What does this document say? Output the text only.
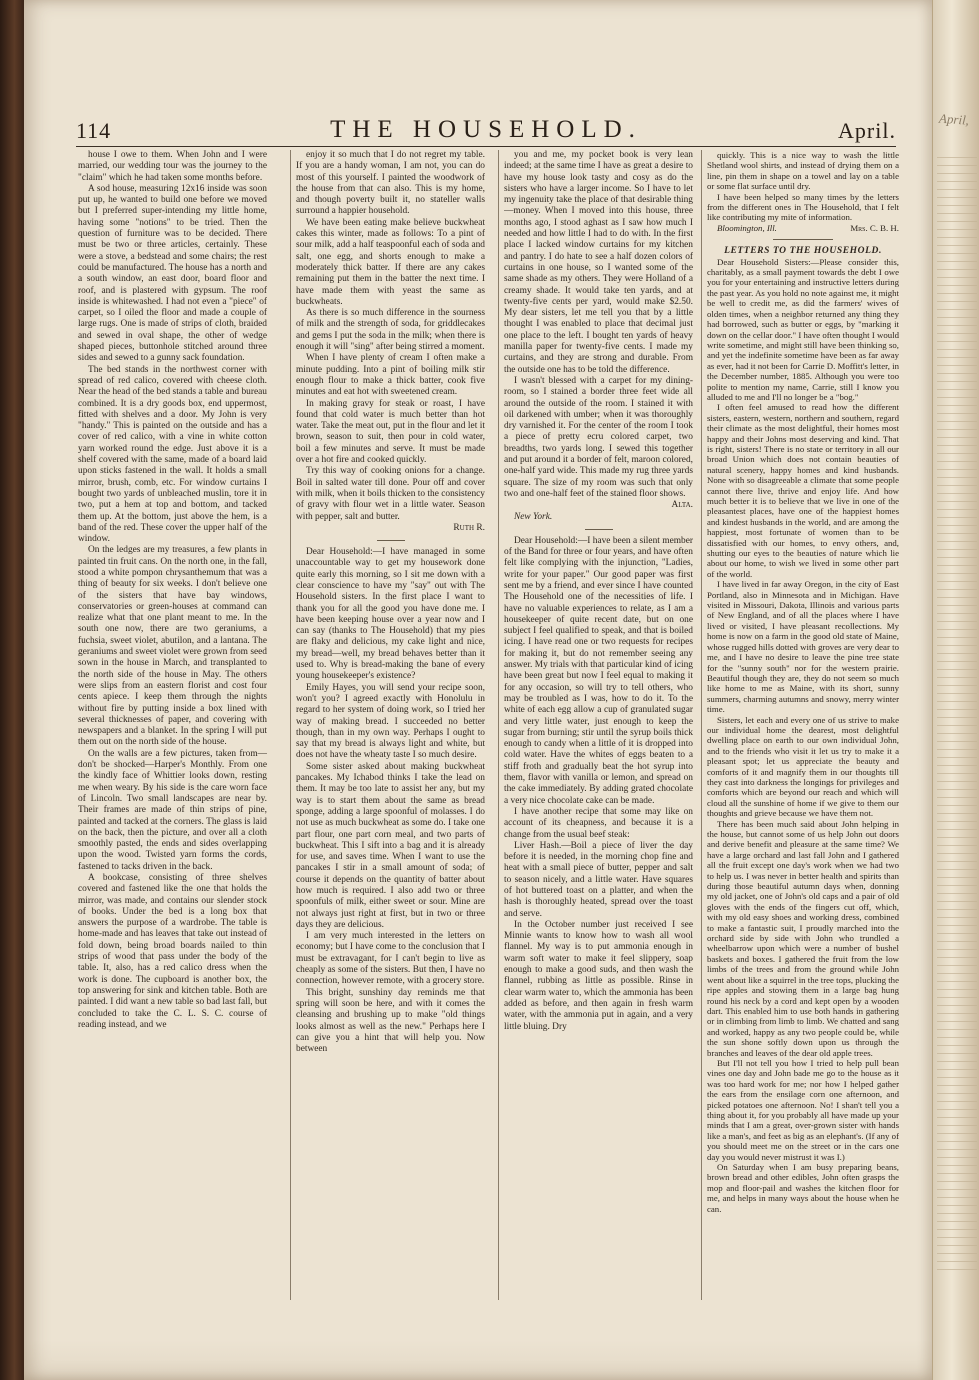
April,
114	THE HOUSEHOLD.	April.

house I owe to them. When John and I were married, our wedding tour was the journey to the "claim" which he had taken some months before.

A sod house, measuring 12x16 inside was soon put up, he wanted to build one before we moved but I preferred super-intending my little home, having some "notions" to be tried. Then the question of furniture was to be decided. There must be two or three articles, certainly. These were a stove, a bedstead and some chairs; the rest could be manufactured. The house has a north and a south window, an east door, board floor and roof, and is plastered with gypsum. The roof inside is whitewashed. I had not even a "piece" of carpet, so I oiled the floor and made a couple of large rugs. One is made of strips of cloth, braided and sewed in oval shape, the other of wedge shaped pieces, buttonhole stitched around three sides and sewed to a gunny sack foundation.

The bed stands in the northwest corner with spread of red calico, covered with cheese cloth. Near the head of the bed stands a table and bureau combined. It is a dry goods box, end uppermost, fitted with shelves and a door. My John is very "handy." This is painted on the outside and has a cover of red calico, with a vine in white cotton yarn worked round the edge. Just above it is a shelf covered with the same, made of a board laid upon sticks fastened in the wall. It holds a small mirror, brush, comb, etc. For window curtains I bought two yards of unbleached muslin, tore it in two, put a hem at top and bottom, and tacked them up. At the bottom, just above the hem, is a band of the red. These cover the upper half of the window.

On the ledges are my treasures, a few plants in painted tin fruit cans. On the north one, in the fall, stood a white pompon chrysanthemum that was a thing of beauty for six weeks. I don't believe one of the sisters that have bay windows, conservatories or green-houses at command can realize what that one plant meant to me. In the south one now, there are two geraniums, a fuchsia, sweet violet, abutilon, and a lantana. The geraniums and sweet violet were grown from seed sown in the house in March, and transplanted to the north side of the house in May. The others were slips from an eastern florist and cost four cents apiece. I keep them through the nights without fire by putting inside a box lined with several thicknesses of paper, and covering with newspapers and a blanket. In the spring I will put them out on the north side of the house.

On the walls are a few pictures, taken from—don't be shocked—Harper's Monthly. From one the kindly face of Whittier looks down, resting me when weary. By his side is the care worn face of Lincoln. Two small landscapes are near by. Their frames are made of thin strips of pine, painted and tacked at the corners. The glass is laid on the back, then the picture, and over all a cloth smoothly pasted, the ends and sides overlapping upon the wood. Twisted yarn forms the cords, fastened to tacks driven in the back.

A bookcase, consisting of three shelves covered and fastened like the one that holds the mirror, was made, and contains our slender stock of books. Under the bed is a long box that answers the purpose of a wardrobe. The table is home-made and has leaves that take out instead of fold down, being broad boards nailed to thin strips of wood that pass under the body of the table. It, also, has a red calico dress when the work is done. The cupboard is another box, the top answering for sink and kitchen table. Both are painted. I did want a new table so bad last fall, but concluded to take the C. L. S. C. course of reading instead, and we

enjoy it so much that I do not regret my table. If you are a handy woman, I am not, you can do most of this yourself. I painted the woodwork of the house from that can also. This is my home, and though poverty built it, no stateller walls surround a happier household.

We have been eating make believe buckwheat cakes this winter, made as follows: To a pint of sour milk, add a half teaspoonful each of soda and salt, one egg, and shorts enough to make a moderately thick batter. If there are any cakes remaining put them in the batter the next time. I have made them with yeast the same as buckwheats.

As there is so much difference in the sourness of milk and the strength of soda, for griddlecakes and gems I put the soda in the milk; when there is enough it will "sing" after being stirred a moment.

When I have plenty of cream I often make a minute pudding. Into a pint of boiling milk stir enough flour to make a thick batter, cook five minutes and eat hot with sweetened cream.

In making gravy for steak or roast, I have found that cold water is much better than hot water. Take the meat out, put in the flour and let it brown, season to suit, then pour in cold water, boil a few minutes and serve. It must be made over a hot fire and cooked quickly.

Try this way of cooking onions for a change. Boil in salted water till done. Pour off and cover with milk, when it boils thicken to the consistency of gravy with flour wet in a little water. Season with pepper, salt and butter.

Ruth R.

Dear Household:—I have managed in some unaccountable way to get my housework done quite early this morning, so I sit me down with a clear conscience to have my "say" out with The Household sisters. In the first place I want to thank you for all the good you have done me. I have been keeping house over a year now and I can say (thanks to The Household) that my pies are flaky and delicious, my cake light and nice, my bread—well, my bread behaves better than it used to. Why is bread-making the bane of every young housekeeper's existence?

Emily Hayes, you will send your recipe soon, won't you? I agreed exactly with Honolulu in regard to her system of doing work, so I tried her way of making bread. I succeeded no better though, than in my own way. Perhaps I ought to say that my bread is always light and white, but does not have the wheaty taste I so much desire.

Some sister asked about making buckwheat pancakes. My Ichabod thinks I take the lead on them. It may be too late to assist her any, but my way is to start them about the same as bread sponge, adding a large spoonful of molasses. I do not use as much buckwheat as some do. I take one part flour, one part corn meal, and two parts of buckwheat. This I sift into a bag and it is already for use, and saves time. When I want to use the pancakes I stir in a small amount of soda; of course it depends on the quantity of batter about how much is required. I also add two or three spoonfuls of milk, either sweet or sour. Mine are not always just right at first, but in two or three days they are delicious.

I am very much interested in the letters on economy; but I have come to the conclusion that I must be extravagant, for I can't begin to live as cheaply as some of the sisters. But then, I have no connection, however remote, with a grocery store.

This bright, sunshiny day reminds me that spring will soon be here, and with it comes the cleansing and brushing up to make "old things looks almost as well as the new." Perhaps here I can give you a hint that will help you. Now between

you and me, my pocket book is very lean indeed; at the same time I have as great a desire to have my house look tasty and cosy as do the sisters who have a larger income. So I have to let my ingenuity take the place of that desirable thing—money. When I moved into this house, three months ago, I stood aghast as I saw how much I needed and how little I had to do with. In the first place I lacked window curtains for my kitchen and pantry. I do hate to see a half dozen colors of curtains in one house, so I wanted some of the same shade as my others. They were Holland of a creamy shade. It would take ten yards, and at twenty-five cents per yard, would make $2.50. My dear sisters, let me tell you that by a little thought I was enabled to place that decimal just one place to the left. I bought ten yards of heavy manilla paper for twenty-five cents. I made my curtains, and they are strong and durable. From the outside one has to be told the difference.

I wasn't blessed with a carpet for my dining-room, so I stained a border three feet wide all around the outside of the room. I stained it with oil darkened with umber; when it was thoroughly dry varnished it. For the center of the room I took a piece of pretty ecru colored carpet, two breadths, two yards long. I sewed this together and put around it a border of felt, maroon colored, one-half yard wide. This made my rug three yards square. The size of my room was such that only two and one-half feet of the stained floor shows.

Alta.

New York.

Dear Household:—I have been a silent member of the Band for three or four years, and have often felt like complying with the injunction, "Ladies, write for your paper." Our good paper was first sent me by a friend, and ever since I have counted The Household one of the necessities of life. I have no valuable experiences to relate, as I am a housekeeper of quite recent date, but on one subject I feel qualified to speak, and that is boiled icing. I have read one or two requests for recipes for making it, but do not remember seeing any answer. My trials with that particular kind of icing have been great but now I feel equal to making it for any occasion, so will try to tell others, who may be troubled as I was, how to do it. To the white of each egg allow a cup of granulated sugar and very little water, just enough to keep the sugar from burning; stir until the syrup boils thick enough to candy when a little of it is dropped into cold water. Have the whites of eggs beaten to a stiff froth and gradually beat the hot syrup into them, flavor with vanilla or lemon, and spread on the cake immediately. By adding grated chocolate a very nice chocolate cake can be made.

I have another recipe that some may like on account of its cheapness, and because it is a change from the usual beef steak:

Liver Hash.—Boil a piece of liver the day before it is needed, in the morning chop fine and heat with a small piece of butter, pepper and salt to season nicely, and a little water. Have squares of hot buttered toast on a platter, and when the hash is thoroughly heated, spread over the toast and serve.

In the October number just received I see Minnie wants to know how to wash all wool flannel. My way is to put ammonia enough in warm soft water to make it feel slippery, soap enough to make a good suds, and then wash the flannel, rubbing as little as possible. Rinse in clear warm water to, which the ammonia has been added as before, and then again in fresh warm water, with the ammonia put in again, and a very little bluing. Dry

quickly. This is a nice way to wash the little Shetland wool shirts, and instead of drying them on a line, pin them in shape on a towel and lay on a table or some flat surface until dry.

I have been helped so many times by the letters from the different ones in The Household, that I felt like contributing my mite of information.

Bloomington, Ill.	Mrs. C. B. H.

LETTERS TO THE HOUSEHOLD.

Dear Household Sisters:—Please consider this, charitably, as a small payment towards the debt I owe you for your entertaining and instructive letters during the past year. As you hold no note against me, it might be well to credit me, as did the farmers' wives of olden times, when a neighbor returned any thing they had borrowed, such as butter or eggs, by "marking it down on the cellar door." I have often thought I would write sometime, and might still have been thinking so, and yet the indefinite sometime have been as far away as ever, had it not been for Carrie D. Moffitt's letter, in the December number, 1885. Although you were too polite to mention my name, Carrie, still I know you alluded to me and I'll no longer be a "bog."

I often feel amused to read how the different sisters, eastern, western, northern and southern, regard their climate as the most delightful, their homes most happy and their Johns most deserving and kind. That is right, sisters! There is no state or territory in all our broad Union which does not contain beauties of natural scenery, happy homes and kind husbands. None with so disagreeable a climate that some people cannot there live, thrive and enjoy life. And how much better it is to believe that we live in one of the pleasantest places, have one of the happiest homes and kindest husbands in the world, and are among the happiest, most fortunate of women than to be dissatisfied with our homes, to envy others, and, shutting our eyes to the beauties of nature which lie about our home, to wish we lived in some other part of the world.

I have lived in far away Oregon, in the city of East Portland, also in Minnesota and in Michigan. Have visited in Missouri, Dakota, Illinois and various parts of New England, and of all the places where I have lived or visited, I have pleasant recollections. My home is now on a farm in the good old state of Maine, whose rugged hills dotted with groves are very dear to me, and I have no desire to leave the pine tree state for the "sunny south" nor for the western prairie. Beautiful though they are, they do not seem so much like home to me as Maine, with its short, sunny summers, charming autumns and snowy, merry winter time.

Sisters, let each and every one of us strive to make our individual home the dearest, most delightful dwelling place on earth to our own individual John, and to the friends who visit it let us try to make it a pleasant spot; let us appreciate the beauty and comforts of it and magnify them in our thoughts till they cast into darkness the longings for privileges and comforts which are beyond our reach and which will cloud all the sunshine of home if we give to them our thoughts and grieve because we have them not.

There has been much said about John helping in the house, but cannot some of us help John out doors and derive benefit and pleasure at the same time? We have a large orchard and last fall John and I gathered all the fruit except one day's work when we had two to help us. I was never in better health and spirits than during those beautiful autumn days when, donning my old jacket, one of John's old caps and a pair of old gloves with the ends of the fingers cut off, which, with my old easy shoes and working dress, combined to make a fantastic suit, I proudly marched into the orchard side by side with John who trundled a wheelbarrow upon which were a number of bushel baskets and boxes. I gathered the fruit from the low limbs of the trees and from the ground while John went about like a squirrel in the tree tops, plucking the ripe apples and stowing them in a large bag hung round his neck by a cord and kept open by a wooden dart. This enabled him to use both hands in gathering or in climbing from limb to limb. We chatted and sang and worked, happy as any two people could be, while the sun shone softly down upon us through the branches and leaves of the dear old apple trees.

But I'll not tell you how I tried to help pull bean vines one day and John bade me go to the house as it was too hard work for me; nor how I helped gather the ears from the ensilage corn one afternoon, and picked potatoes one afternoon. No! I shan't tell you a thing about it, for you probably all have made up your minds that I am a great, over-grown sister with hands like a man's, and feet as big as an elephant's. (If any of you should meet me on the street or in the cars one day you would never mistrust it was I.)

On Saturday when I am busy preparing beans, brown bread and other edibles, John often grasps the mop and floor-pail and washes the kitchen floor for me, and helps in many ways about the house when he can.
